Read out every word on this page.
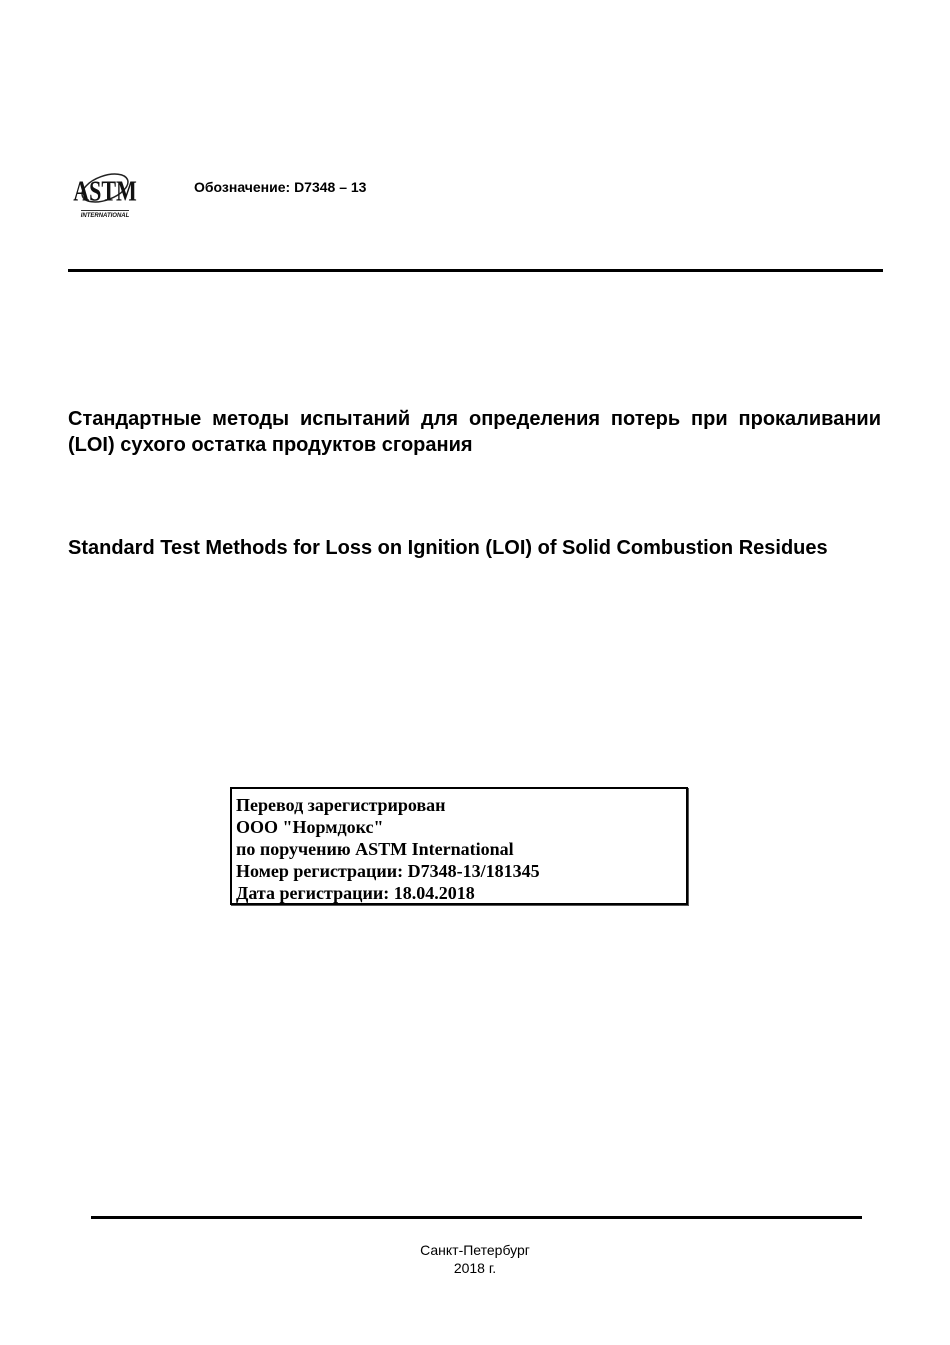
ASTM
INTERNATIONAL
Обозначение: D7348 – 13
Стандартные методы испытаний для определения потерь при прокаливании (LOI) сухого остатка продуктов сгорания
Standard Test Methods for Loss on Ignition (LOI) of Solid Combustion Residues
Перевод зарегистрирован
ООО "Нормдокс"
по поручению ASTM International
Номер регистрации: D7348-13/181345
Дата регистрации: 18.04.2018
Санкт-Петербург
2018 г.
